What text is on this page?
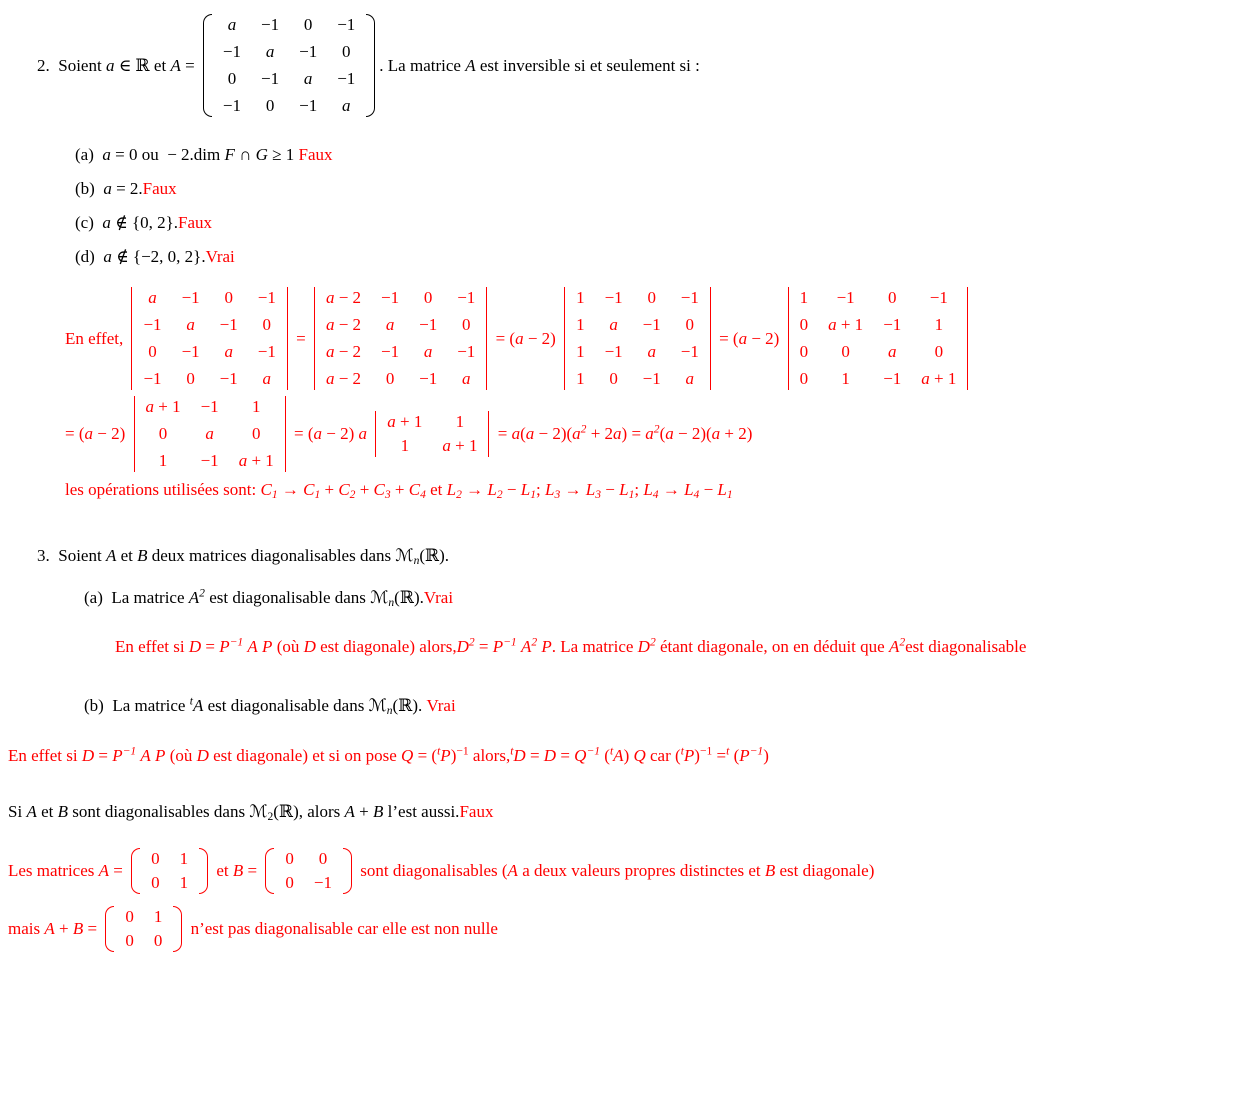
2.  Soient a ∈ ℝ et A =
a	−1	0	−1
−1	a	−1	0
0	−1	a	−1
−1	0	−1	a
. La matrice A est inversible si et seulement si :
(a) a = 0 ou  − 2.dim F ∩ G ≥ 1 Faux
(b) a = 2. Faux
(c) a ∉ {0, 2}. Faux
(d) a ∉ {−2, 0, 2}. Vrai
En effet,
a	−1	0	−1
−1	a	−1	0
0	−1	a	−1
−1	0	−1	a
=
a − 2	−1	0	−1
a − 2	a	−1	0
a − 2	−1	a	−1
a − 2	0	−1	a
= ( a − 2)
1	−1	0	−1
1	a	−1	0
1	−1	a	−1
1	0	−1	a
= ( a − 2)
1	−1	0	−1
0	a + 1	−1	1
0	0	a	0
0	1	−1	a + 1
= ( a − 2)
a + 1	−1	1
0	a	0
1	−1	a + 1
= ( a − 2) a

a + 1	1
1	a + 1
= a ( a − 2)( $a^2 + 2$ a ) = $a^2$ ( a − 2)( a + 2)
les opérations utilisées sont: $C_1 \to C_1 + C_2 + C_3 + C_4$ et $L_2 \to L_2 - L_1$ ; $L_3 \to L_3 - L_1$ ; $L_4 \to L_4 - L_1$
3.  Soient A et B deux matrices diagonalisables dans ℳ$_n$ (ℝ).
(a)  La matrice $A^2$ est diagonalisable dans ℳ$_n$ (ℝ). Vrai
En effet si $D = P^{-1}$ A P (où D est diagonale) $alors,D^2 = P^{-1}$ $A^2$ P. La matrice $D^2$ étant diagonale, on en déduit que $A^2est$ diagonalisable
(b)  La matrice $^t$ A est diagonalisable dans ℳ$_n$ (ℝ). Vrai
En effet si $D = P^{-1}$
A
P (où D est diagonale) et si on pose Q = ( $^t$ P )$^{-1}$ alors, $^t$ $D = D = Q^{-1}$ ( $^t$ A ) Q car ( $^t$ P )$^{-1}$ = $^t$ ( $P^{-1}$ )
Si A et B sont diagonalisables dans ℳ$_2$ (ℝ), alors A + B l’est aussi. Faux
Les matrices A =
0	1
0	1
et B =
0	0
0	−1
sont diagonalisables ( A a deux valeurs propres distinctes et B est diagonale)
mais A + B =
0	1
0	0
n’est pas diagonalisable car elle est non nulle
